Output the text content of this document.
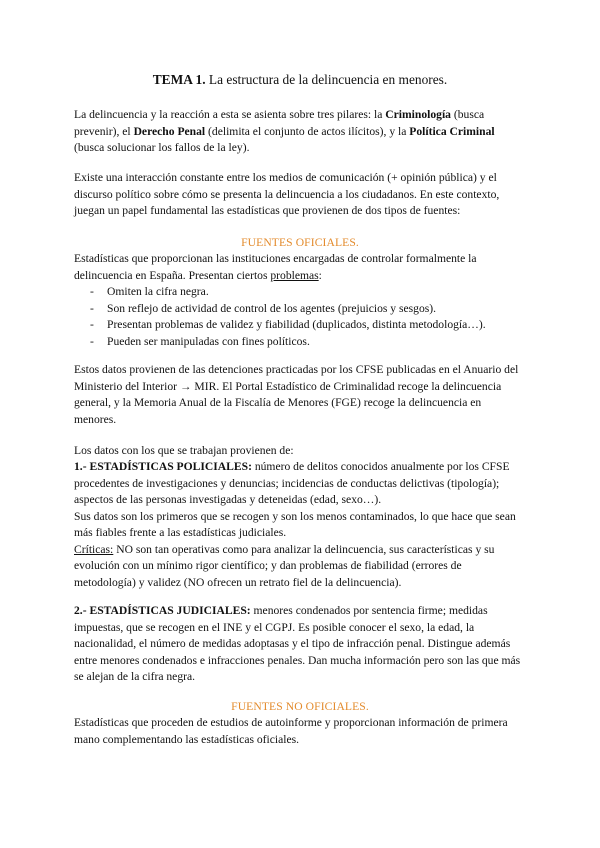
TEMA 1. La estructura de la delincuencia en menores.

La delincuencia y la reacción a esta se asienta sobre tres pilares: la Criminología (busca prevenir), el Derecho Penal (delimita el conjunto de actos ilícitos), y la Política Criminal (busca solucionar los fallos de la ley).

Existe una interacción constante entre los medios de comunicación (+ opinión pública) y el discurso político sobre cómo se presenta la delincuencia a los ciudadanos. En este contexto, juegan un papel fundamental las estadísticas que provienen de dos tipos de fuentes:

FUENTES OFICIALES.

Estadísticas que proporcionan las instituciones encargadas de controlar formalmente la delincuencia en España. Presentan ciertos problemas:

- Omiten la cifra negra.
- Son reflejo de actividad de control de los agentes (prejuicios y sesgos).
- Presentan problemas de validez y fiabilidad (duplicados, distinta metodología…).
- Pueden ser manipuladas con fines políticos.

Estos datos provienen de las detenciones practicadas por los CFSE publicadas en el Anuario del Ministerio del Interior → MIR. El Portal Estadístico de Criminalidad recoge la delincuencia general, y la Memoria Anual de la Fiscalía de Menores (FGE) recoge la delincuencia en menores.

Los datos con los que se trabajan provienen de:

1.- ESTADÍSTICAS POLICIALES: número de delitos conocidos anualmente por los CFSE procedentes de investigaciones y denuncias; incidencias de conductas delictivas (tipología); aspectos de las personas investigadas y deteneidas (edad, sexo…).
Sus datos son los primeros que se recogen y son los menos contaminados, lo que hace que sean más fiables frente a las estadísticas judiciales.
Críticas: NO son tan operativas como para analizar la delincuencia, sus características y su evolución con un mínimo rigor científico; y dan problemas de fiabilidad (errores de metodología) y validez (NO ofrecen un retrato fiel de la delincuencia).

2.- ESTADÍSTICAS JUDICIALES: menores condenados por sentencia firme; medidas impuestas, que se recogen en el INE y el CGPJ. Es posible conocer el sexo, la edad, la nacionalidad, el número de medidas adoptasas y el tipo de infracción penal. Distingue además entre menores condenados e infracciones penales. Dan mucha información pero son las que más se alejan de la cifra negra.

FUENTES NO OFICIALES.

Estadísticas que proceden de estudios de autoinforme y proporcionan información de primera mano complementando las estadísticas oficiales.
